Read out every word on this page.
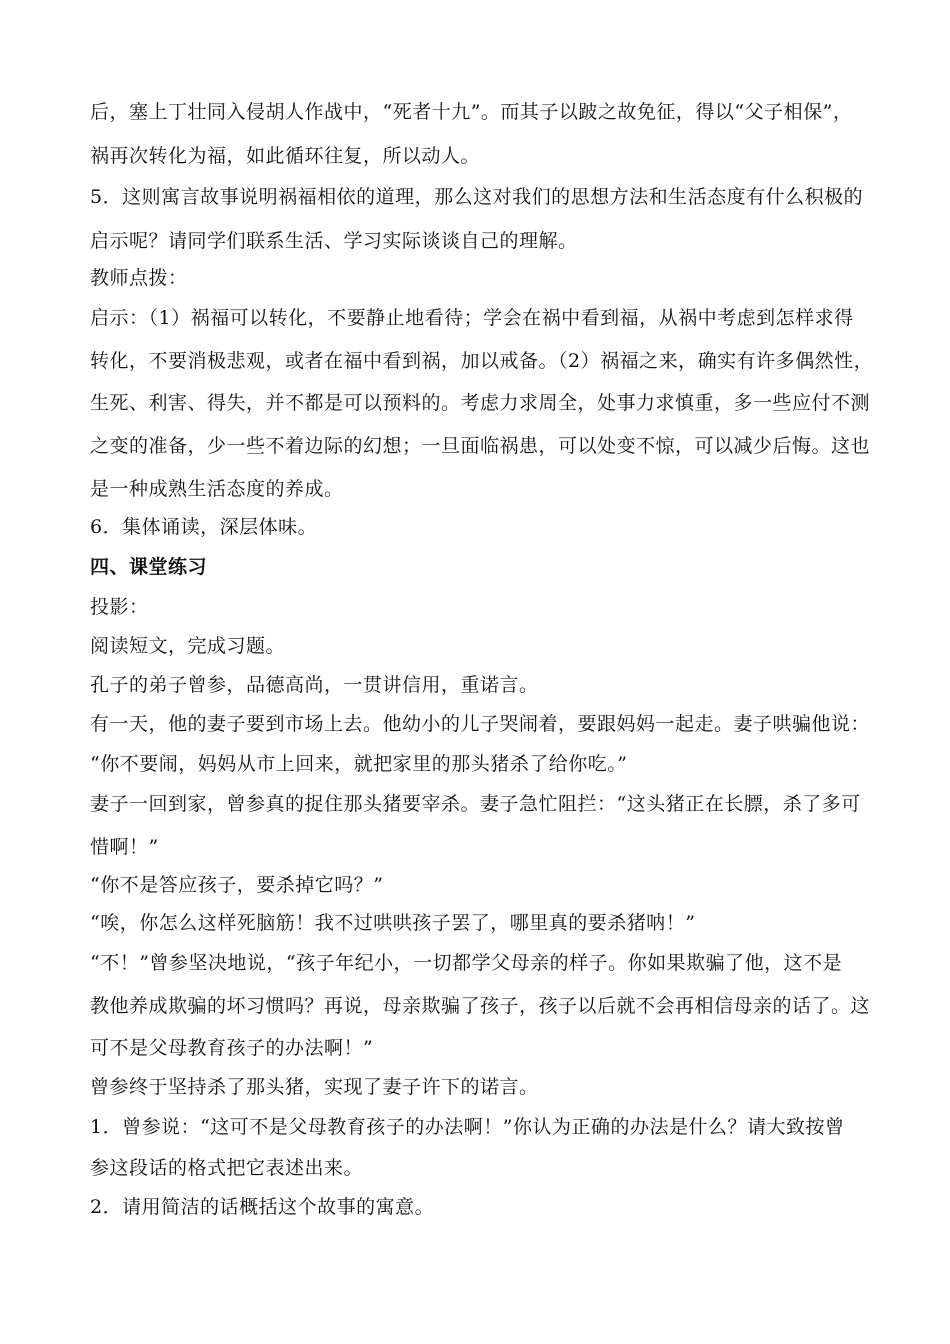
后，塞上丁壮同入侵胡人作战中，“死者十九”。而其子以跛之故免征，得以“父子相保”，
祸再次转化为福，如此循环往复，所以动人。
5．这则寓言故事说明祸福相依的道理，那么这对我们的思想方法和生活态度有什么积极的
启示呢？请同学们联系生活、学习实际谈谈自己的理解。
教师点拨：
启示：（1）祸福可以转化，不要静止地看待；学会在祸中看到福，从祸中考虑到怎样求得
转化，不要消极悲观，或者在福中看到祸，加以戒备。（2）祸福之来，确实有许多偶然性，
生死、利害、得失，并不都是可以预料的。考虑力求周全，处事力求慎重，多一些应付不测
之变的准备，少一些不着边际的幻想；一旦面临祸患，可以处变不惊，可以减少后悔。这也
是一种成熟生活态度的养成。
6．集体诵读，深层体味。
四、课堂练习
投影：
阅读短文，完成习题。
孔子的弟子曾参，品德高尚，一贯讲信用，重诺言。
有一天，他的妻子要到市场上去。他幼小的儿子哭闹着，要跟妈妈一起走。妻子哄骗他说：
“你不要闹，妈妈从市上回来，就把家里的那头猪杀了给你吃。”
妻子一回到家，曾参真的捉住那头猪要宰杀。妻子急忙阻拦：“这头猪正在长膘，杀了多可
惜啊！”
“你不是答应孩子，要杀掉它吗？”
“唉，你怎么这样死脑筋！我不过哄哄孩子罢了，哪里真的要杀猪呐！”
“不！”曾参坚决地说，“孩子年纪小，一切都学父母亲的样子。你如果欺骗了他，这不是
教他养成欺骗的坏习惯吗？再说，母亲欺骗了孩子，孩子以后就不会再相信母亲的话了。这
可不是父母教育孩子的办法啊！”
曾参终于坚持杀了那头猪，实现了妻子许下的诺言。
1．曾参说：“这可不是父母教育孩子的办法啊！”你认为正确的办法是什么？请大致按曾
参这段话的格式把它表述出来。
2．请用简洁的话概括这个故事的寓意。
